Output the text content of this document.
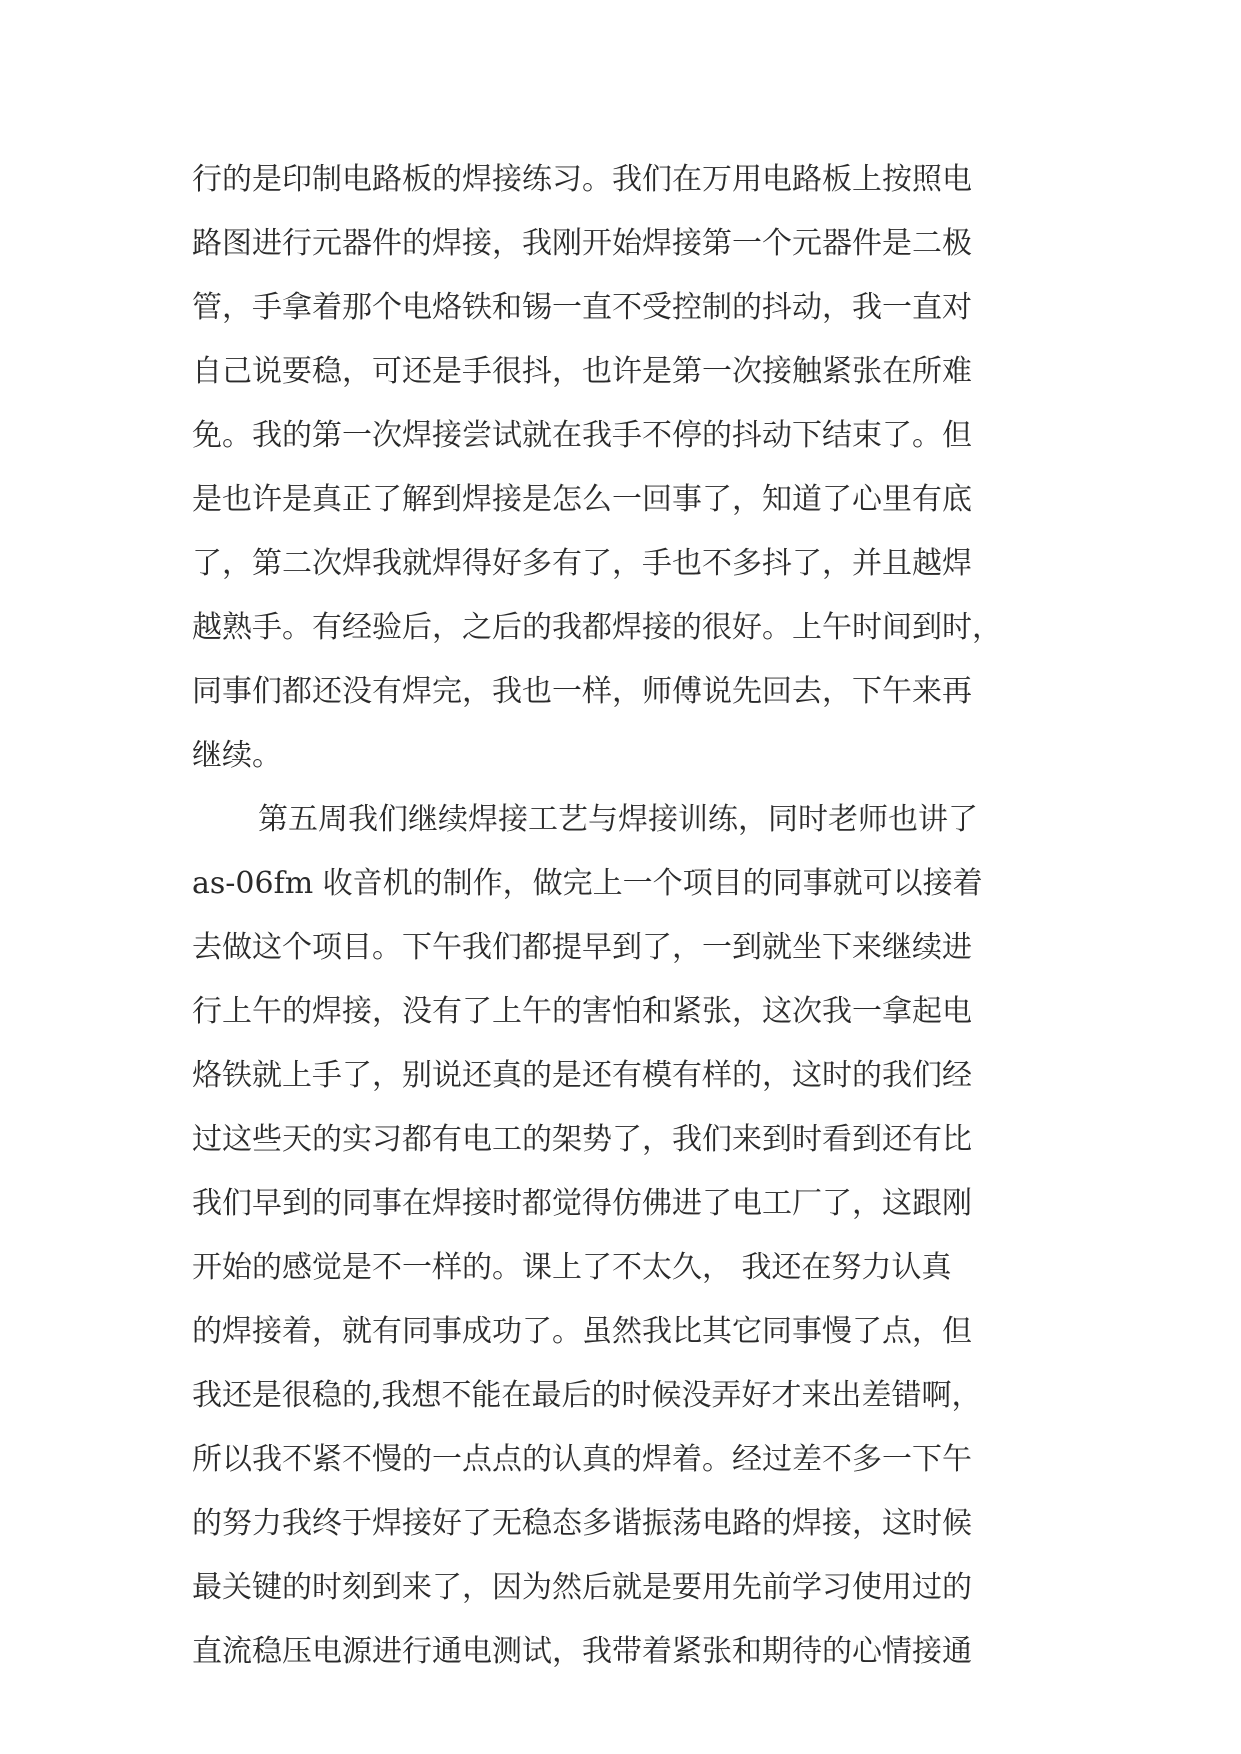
行的是印制电路板的焊接练习。我们在万用电路板上按照电
路图进行元器件的焊接，我刚开始焊接第一个元器件是二极
管，手拿着那个电烙铁和锡一直不受控制的抖动，我一直对
自己说要稳，可还是手很抖，也许是第一次接触紧张在所难
免。我的第一次焊接尝试就在我手不停的抖动下结束了。但
是也许是真正了解到焊接是怎么一回事了，知道了心里有底
了，第二次焊我就焊得好多有了，手也不多抖了，并且越焊
越熟手。有经验后，之后的我都焊接的很好。上午时间到时，
同事们都还没有焊完，我也一样，师傅说先回去，下午来再
继续。
第五周我们继续焊接工艺与焊接训练，同时老师也讲了
as-06fm 收音机的制作，做完上一个项目的同事就可以接着
去做这个项目。下午我们都提早到了，一到就坐下来继续进
行上午的焊接，没有了上午的害怕和紧张，这次我一拿起电
烙铁就上手了，别说还真的是还有模有样的，这时的我们经
过这些天的实习都有电工的架势了，我们来到时看到还有比
我们早到的同事在焊接时都觉得仿佛进了电工厂了，这跟刚
开始的感觉是不一样的。课上了不太久， 我还在努力认真
的焊接着，就有同事成功了。虽然我比其它同事慢了点，但
我还是很稳的,我想不能在最后的时候没弄好才来出差错啊，
所以我不紧不慢的一点点的认真的焊着。经过差不多一下午
的努力我终于焊接好了无稳态多谐振荡电路的焊接，这时候
最关键的时刻到来了，因为然后就是要用先前学习使用过的
直流稳压电源进行通电测试，我带着紧张和期待的心情接通
